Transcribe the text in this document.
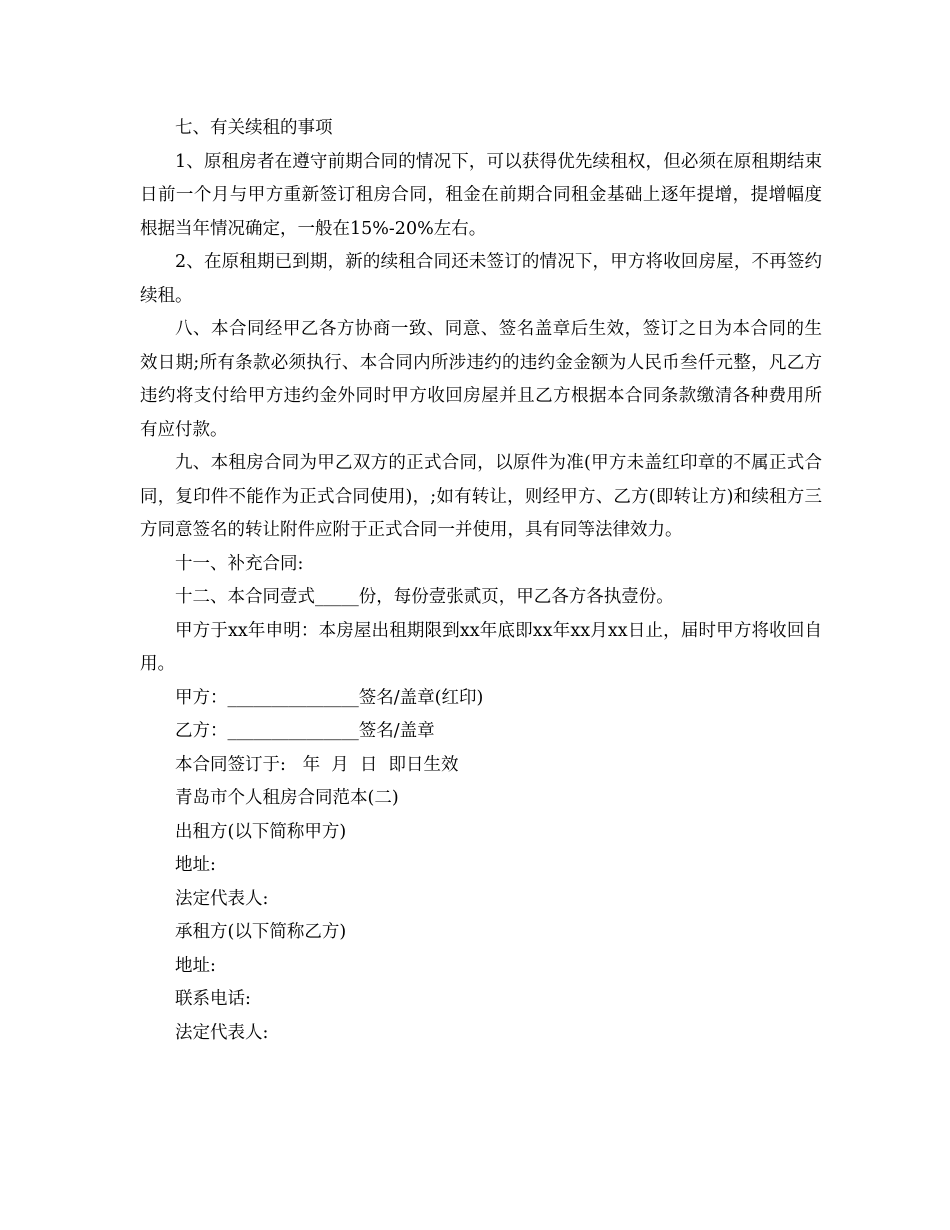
七、有关续租的事项

1、原租房者在遵守前期合同的情况下，可以获得优先续租权，但必须在原租期结束日前一个月与甲方重新签订租房合同，租金在前期合同租金基础上逐年提增，提增幅度根据当年情况确定，一般在15%-20%左右。

2、在原租期已到期，新的续租合同还未签订的情况下，甲方将收回房屋，不再签约续租。

八、本合同经甲乙各方协商一致、同意、签名盖章后生效，签订之日为本合同的生效日期;所有条款必须执行、本合同内所涉违约的违约金金额为人民币叁仟元整，凡乙方违约将支付给甲方违约金外同时甲方收回房屋并且乙方根据本合同条款缴清各种费用所有应付款。

九、本租房合同为甲乙双方的正式合同，以原件为准(甲方未盖红印章的不属正式合同，复印件不能作为正式合同使用)，;如有转让，则经甲方、乙方(即转让方)和续租方三方同意签名的转让附件应附于正式合同一并使用，具有同等法律效力。

十一、补充合同:

十二、本合同壹式_____份，每份壹张贰页，甲乙各方各执壹份。

甲方于xx年申明：本房屋出租期限到xx年底即xx年xx月xx日止，届时甲方将收回自用。

甲方：_______________签名/盖章(红印)
乙方：_______________签名/盖章
本合同签订于:   年  月  日  即日生效
青岛市个人租房合同范本(二)
出租方(以下简称甲方)
地址:
法定代表人:
承租方(以下简称乙方)
地址:
联系电话:
法定代表人:
